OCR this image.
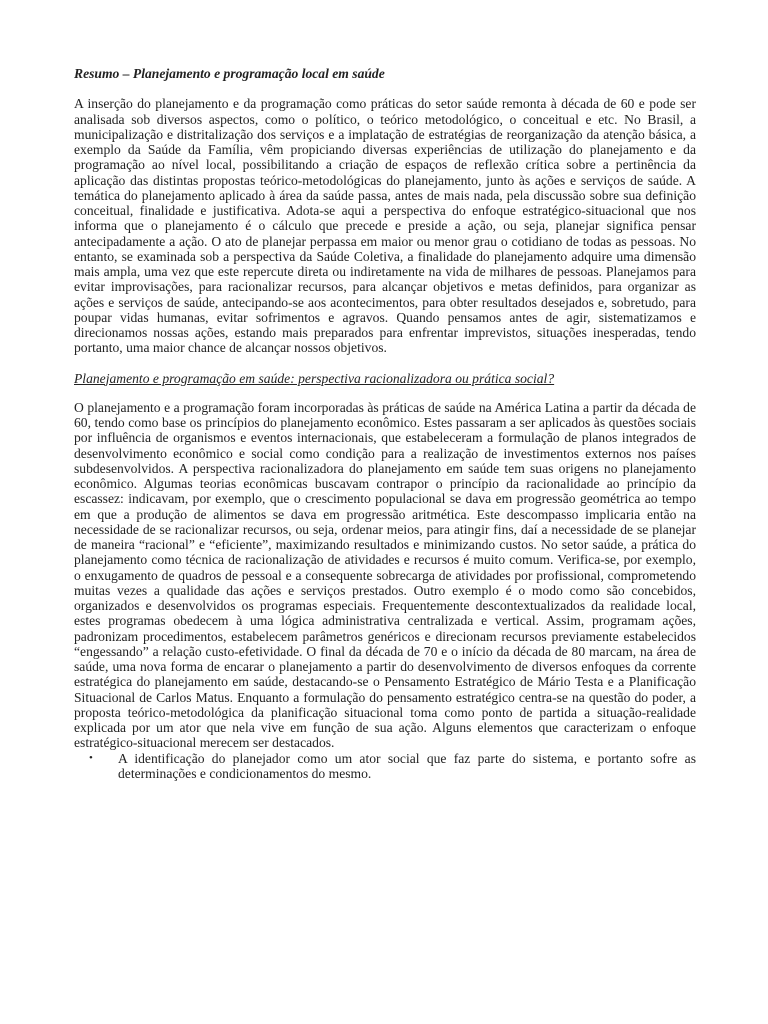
Resumo – Planejamento e programação local em saúde

A inserção do planejamento e da programação como práticas do setor saúde remonta à década de 60 e pode ser analisada sob diversos aspectos, como o político, o teórico metodológico, o conceitual e etc. No Brasil, a municipalização e distritalização dos serviços e a implatação de estratégias de reorganização da atenção básica, a exemplo da Saúde da Família, vêm propiciando diversas experiências de utilização do planejamento e da programação ao nível local, possibilitando a criação de espaços de reflexão crítica sobre a pertinência da aplicação das distintas propostas teórico-metodológicas do planejamento, junto às ações e serviços de saúde. A temática do planejamento aplicado à área da saúde passa, antes de mais nada, pela discussão sobre sua definição conceitual, finalidade e justificativa. Adota-se aqui a perspectiva do enfoque estratégico-situacional que nos informa que o planejamento é o cálculo que precede e preside a ação, ou seja, planejar significa pensar antecipadamente a ação. O ato de planejar perpassa em maior ou menor grau o cotidiano de todas as pessoas. No entanto, se examinada sob a perspectiva da Saúde Coletiva, a finalidade do planejamento adquire uma dimensão mais ampla, uma vez que este repercute direta ou indiretamente na vida de milhares de pessoas. Planejamos para evitar improvisações, para racionalizar recursos, para alcançar objetivos e metas definidos, para organizar as ações e serviços de saúde, antecipando-se aos acontecimentos, para obter resultados desejados e, sobretudo, para poupar vidas humanas, evitar sofrimentos e agravos. Quando pensamos antes de agir, sistematizamos e direcionamos nossas ações, estando mais preparados para enfrentar imprevistos, situações inesperadas, tendo portanto, uma maior chance de alcançar nossos objetivos.

Planejamento e programação em saúde: perspectiva racionalizadora ou prática social?

O planejamento e a programação foram incorporadas às práticas de saúde na América Latina a partir da década de 60, tendo como base os princípios do planejamento econômico. Estes passaram a ser aplicados às questões sociais por influência de organismos e eventos internacionais, que estabeleceram a formulação de planos integrados de desenvolvimento econômico e social como condição para a realização de investimentos externos nos países subdesenvolvidos. A perspectiva racionalizadora do planejamento em saúde tem suas origens no planejamento econômico. Algumas teorias econômicas buscavam contrapor o princípio da racionalidade ao princípio da escassez: indicavam, por exemplo, que o crescimento populacional se dava em progressão geométrica ao tempo em que a produção de alimentos se dava em progressão aritmética. Este descompasso implicaria então na necessidade de se racionalizar recursos, ou seja, ordenar meios, para atingir fins, daí a necessidade de se planejar de maneira “racional” e “eficiente”, maximizando resultados e minimizando custos. No setor saúde, a prática do planejamento como técnica de racionalização de atividades e recursos é muito comum. Verifica-se, por exemplo, o enxugamento de quadros de pessoal e a consequente sobrecarga de atividades por profissional, comprometendo muitas vezes a qualidade das ações e serviços prestados. Outro exemplo é o modo como são concebidos, organizados e desenvolvidos os programas especiais. Frequentemente descontextualizados da realidade local, estes programas obedecem à uma lógica administrativa centralizada e vertical. Assim, programam ações, padronizam procedimentos, estabelecem parâmetros genéricos e direcionam recursos previamente estabelecidos “engessando” a relação custo-efetividade. O final da década de 70 e o início da década de 80 marcam, na área de saúde, uma nova forma de encarar o planejamento a partir do desenvolvimento de diversos enfoques da corrente estratégica do planejamento em saúde, destacando-se o Pensamento Estratégico de Mário Testa e a Planificação Situacional de Carlos Matus. Enquanto a formulação do pensamento estratégico centra-se na questão do poder, a proposta teórico-metodológica da planificação situacional toma como ponto de partida a situação-realidade explicada por um ator que nela vive em função de sua ação. Alguns elementos que caracterizam o enfoque estratégico-situacional merecem ser destacados.

• A identificação do planejador como um ator social que faz parte do sistema, e portanto sofre as determinações e condicionamentos do mesmo.
